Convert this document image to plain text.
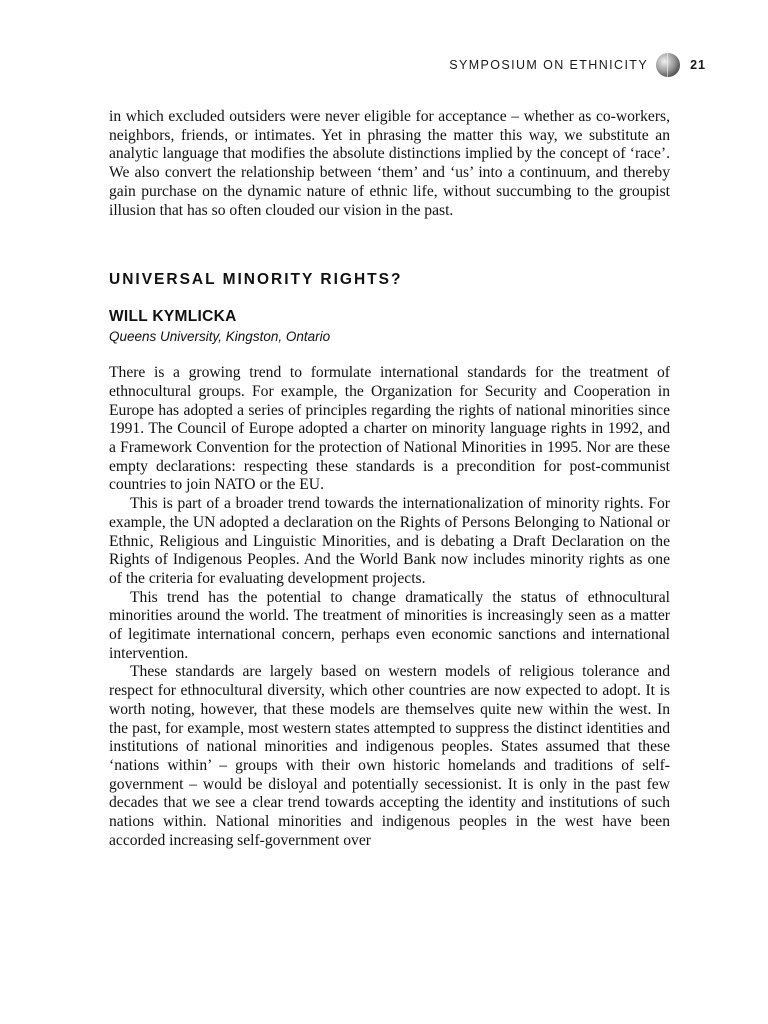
SYMPOSIUM ON ETHNICITY	21

in which excluded outsiders were never eligible for acceptance – whether as co-workers, neighbors, friends, or intimates. Yet in phrasing the matter this way, we substitute an analytic language that modifies the absolute distinctions implied by the concept of ‘race’. We also convert the relationship between ‘them’ and ‘us’ into a continuum, and thereby gain purchase on the dynamic nature of ethnic life, without succumbing to the groupist illusion that has so often clouded our vision in the past.

UNIVERSAL MINORITY RIGHTS?
WILL KYMLICKA
Queens University, Kingston, Ontario

There is a growing trend to formulate international standards for the treatment of ethnocultural groups. For example, the Organization for Security and Cooperation in Europe has adopted a series of principles regarding the rights of national minorities since 1991. The Council of Europe adopted a charter on minority language rights in 1992, and a Framework Convention for the protection of National Minorities in 1995. Nor are these empty declarations: respecting these standards is a precondition for post-communist countries to join NATO or the EU.

This is part of a broader trend towards the internationalization of minority rights. For example, the UN adopted a declaration on the Rights of Persons Belonging to National or Ethnic, Religious and Linguistic Minorities, and is debating a Draft Declaration on the Rights of Indigenous Peoples. And the World Bank now includes minority rights as one of the criteria for evaluating development projects.

This trend has the potential to change dramatically the status of ethnocultural minorities around the world. The treatment of minorities is increasingly seen as a matter of legitimate international concern, perhaps even economic sanctions and international intervention.

These standards are largely based on western models of religious tolerance and respect for ethnocultural diversity, which other countries are now expected to adopt. It is worth noting, however, that these models are themselves quite new within the west. In the past, for example, most western states attempted to suppress the distinct identities and institutions of national minorities and indigenous peoples. States assumed that these ‘nations within’ – groups with their own historic homelands and traditions of self-government – would be disloyal and potentially secessionist. It is only in the past few decades that we see a clear trend towards accepting the identity and institutions of such nations within. National minorities and indigenous peoples in the west have been accorded increasing self-government over
